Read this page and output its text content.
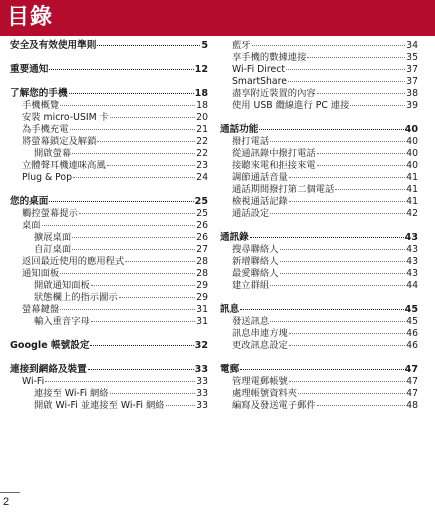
目錄
安全及有效使用準則	5
重要通知	12
了解您的手機	18
手機概覽	18
安裝 micro-USIM 卡	20
為手機充電	21
將螢幕鎖定及解鎖	22
開啟螢幕	22
立體聲耳機連咪高風	23
Plug & Pop	24
您的桌面	25
觸控螢幕提示	25
桌面	26
擴展桌面	26
自訂桌面	27
返回最近使用的應用程式	28
通知面板	28
開啟通知面板	29
狀態欄上的指示圖示	29
螢幕鍵盤	31
輸入重音字母	31
Google 帳號設定	32
連接到網絡及裝置	33
Wi-Fi	33
連接至 Wi-Fi 網絡	33
開啟 Wi-Fi 並連接至 Wi-Fi 網絡	33
藍牙	34
享手機的數據連接	35
Wi-Fi Direct	37
SmartShare	37
盡享附近裝置的內容	38
使用 USB 纜線進行 PC 連接	39
通話功能	40
撥打電話	40
從通訊錄中撥打電話	40
接聽來電和拒接來電	40
調節通話音量	41
通話期間撥打第二個電話	41
檢視通話記錄	41
通話設定	42
通訊錄	43
搜尋聯絡人	43
新增聯絡人	43
最愛聯絡人	43
建立群組	44
訊息	45
發送訊息	45
訊息串連方塊	46
更改訊息設定	46
電郵	47
管理電郵帳號	47
處理帳號資料夾	47
編寫及發送電子郵件	48
2
